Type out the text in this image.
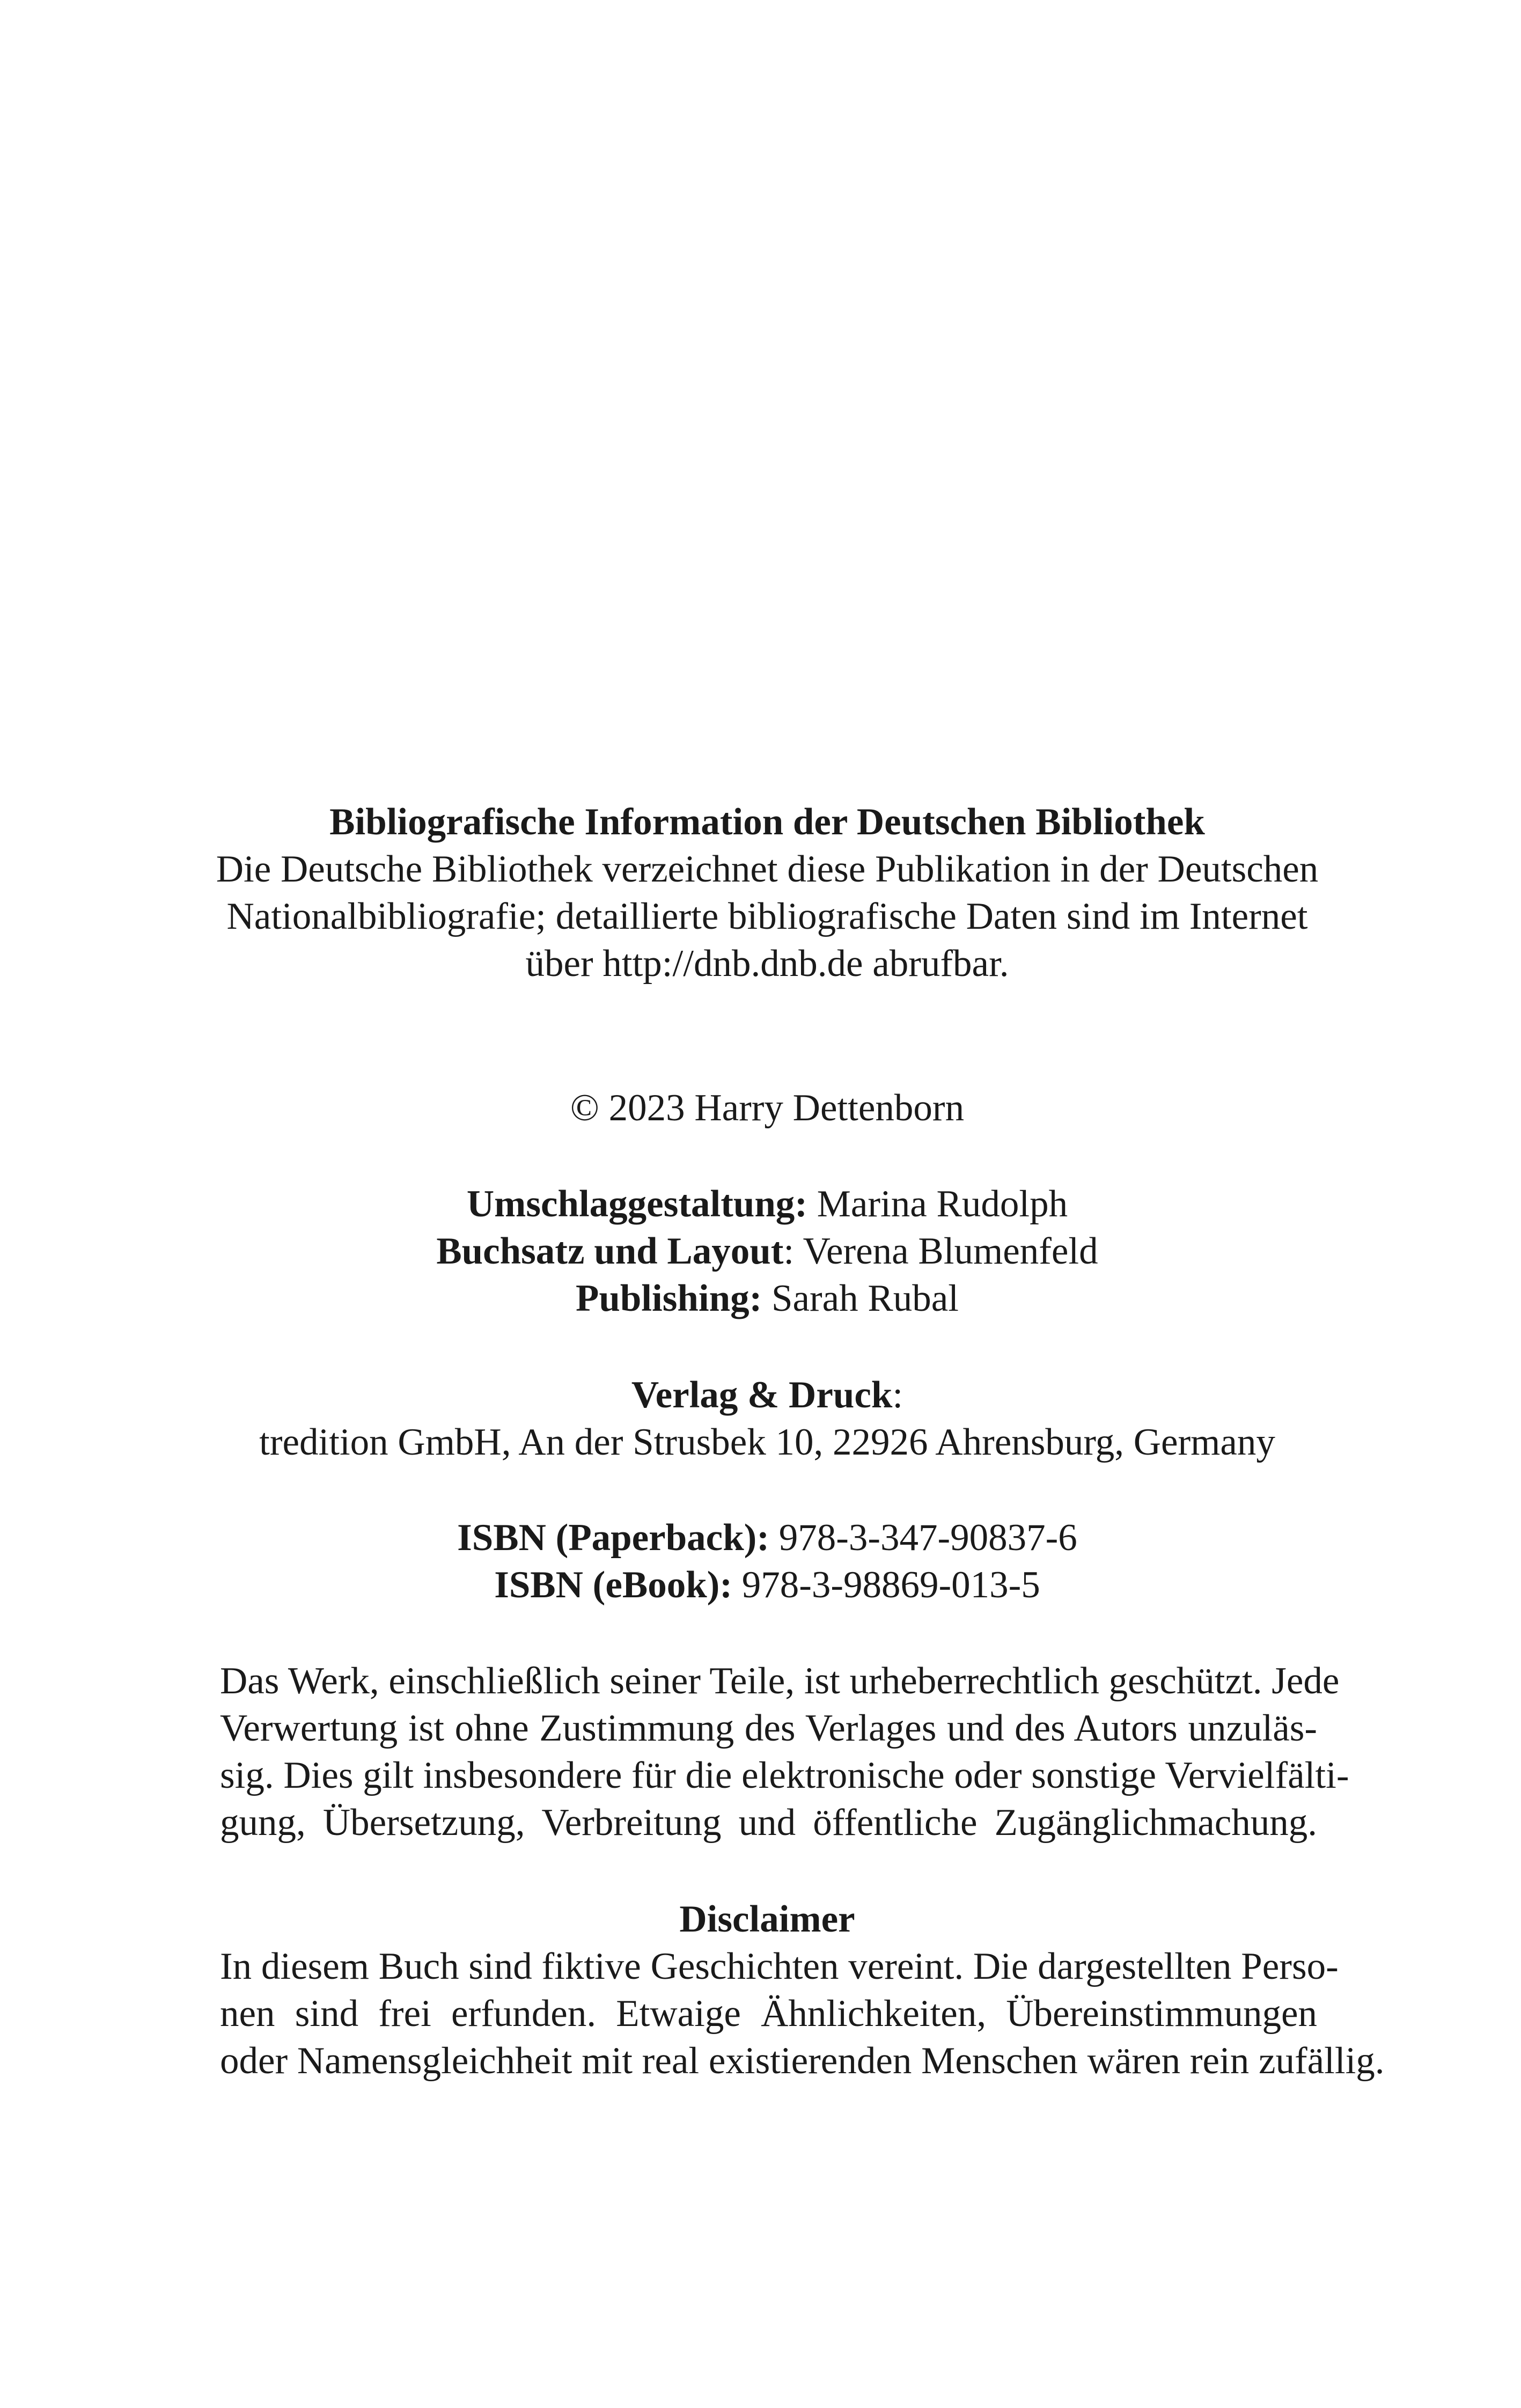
Bibliografische Information der Deutschen Bibliothek
Die Deutsche Bibliothek verzeichnet diese Publikation in der Deutschen
Nationalbibliografie; detaillierte bibliografische Daten sind im Internet
über http://dnb.dnb.de abrufbar.
© 2023 Harry Dettenborn
Umschlaggestaltung: Marina Rudolph
Buchsatz und Layout: Verena Blumenfeld
Publishing: Sarah Rubal
Verlag & Druck:
tredition GmbH, An der Strusbek 10, 22926 Ahrensburg, Germany
ISBN (Paperback): 978-3-347-90837-6
ISBN (eBook): 978-3-98869-013-5
Das Werk, einschließlich seiner Teile, ist urheberrechtlich geschützt. Jede
Verwertung ist ohne Zustimmung des Verlages und des Autors unzuläs-
sig. Dies gilt insbesondere für die elektronische oder sonstige Vervielfälti-
gung, Übersetzung, Verbreitung und öffentliche Zugänglichmachung.
Disclaimer
In diesem Buch sind fiktive Geschichten vereint. Die dargestellten Perso-
nen sind frei erfunden. Etwaige Ähnlichkeiten, Übereinstimmungen
oder Namensgleichheit mit real existierenden Menschen wären rein zufällig.
